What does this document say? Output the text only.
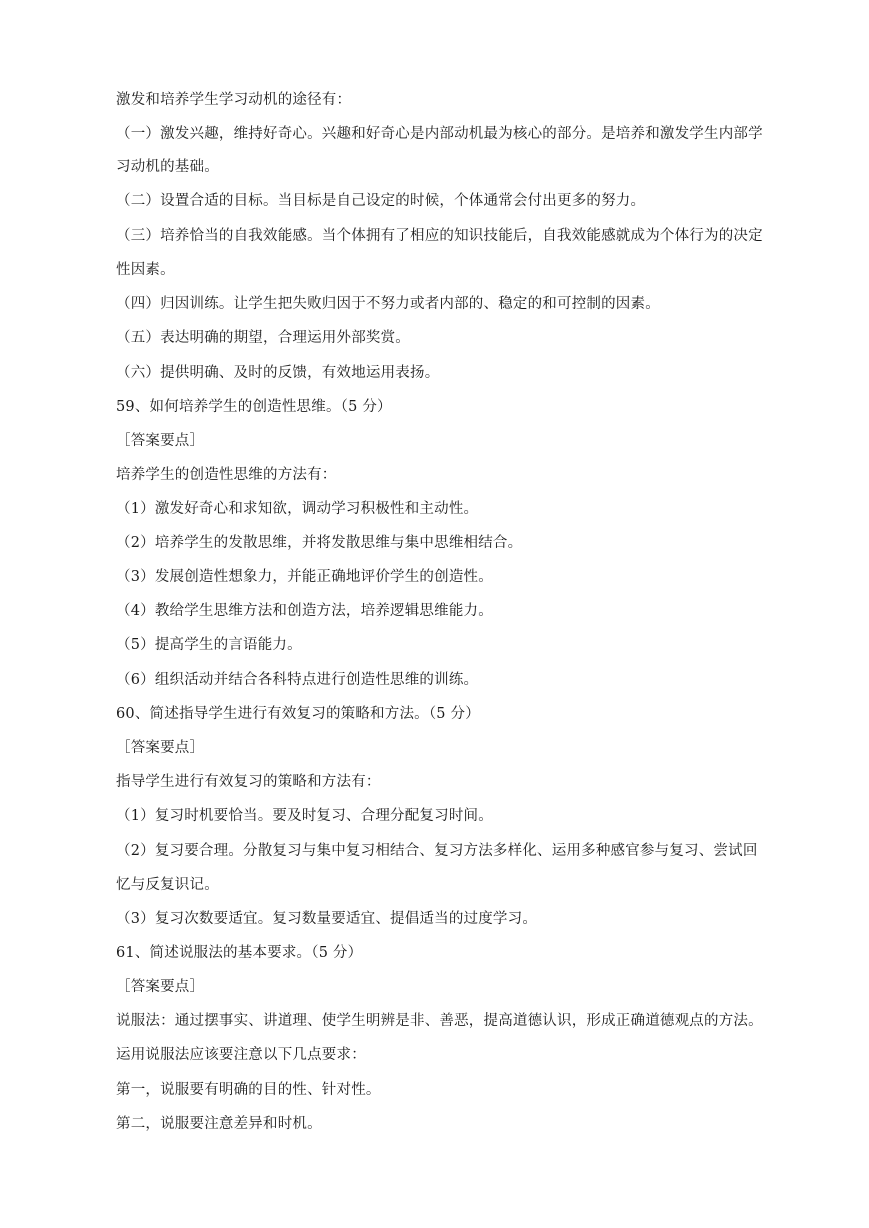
激发和培养学生学习动机的途径有：
（一）激发兴趣，维持好奇心。兴趣和好奇心是内部动机最为核心的部分。是培养和激发学生内部学
习动机的基础。
（二）设置合适的目标。当目标是自己设定的时候，个体通常会付出更多的努力。
（三）培养恰当的自我效能感。当个体拥有了相应的知识技能后，自我效能感就成为个体行为的决定
性因素。
（四）归因训练。让学生把失败归因于不努力或者内部的、稳定的和可控制的因素。
（五）表达明确的期望，合理运用外部奖赏。
（六）提供明确、及时的反馈，有效地运用表扬。
59、如何培养学生的创造性思维。（5 分）
［答案要点］
培养学生的创造性思维的方法有：
（1）激发好奇心和求知欲，调动学习积极性和主动性。
（2）培养学生的发散思维，并将发散思维与集中思维相结合。
（3）发展创造性想象力，并能正确地评价学生的创造性。
（4）教给学生思维方法和创造方法，培养逻辑思维能力。
（5）提高学生的言语能力。
（6）组织活动并结合各科特点进行创造性思维的训练。
60、简述指导学生进行有效复习的策略和方法。（5 分）
［答案要点］
指导学生进行有效复习的策略和方法有：
（1）复习时机要恰当。要及时复习、合理分配复习时间。
（2）复习要合理。分散复习与集中复习相结合、复习方法多样化、运用多种感官参与复习、尝试回
忆与反复识记。
（3）复习次数要适宜。复习数量要适宜、提倡适当的过度学习。
61、简述说服法的基本要求。（5 分）
［答案要点］
说服法：通过摆事实、讲道理、使学生明辨是非、善恶，提高道德认识，形成正确道德观点的方法。
运用说服法应该要注意以下几点要求：
第一，说服要有明确的目的性、针对性。
第二，说服要注意差异和时机。
